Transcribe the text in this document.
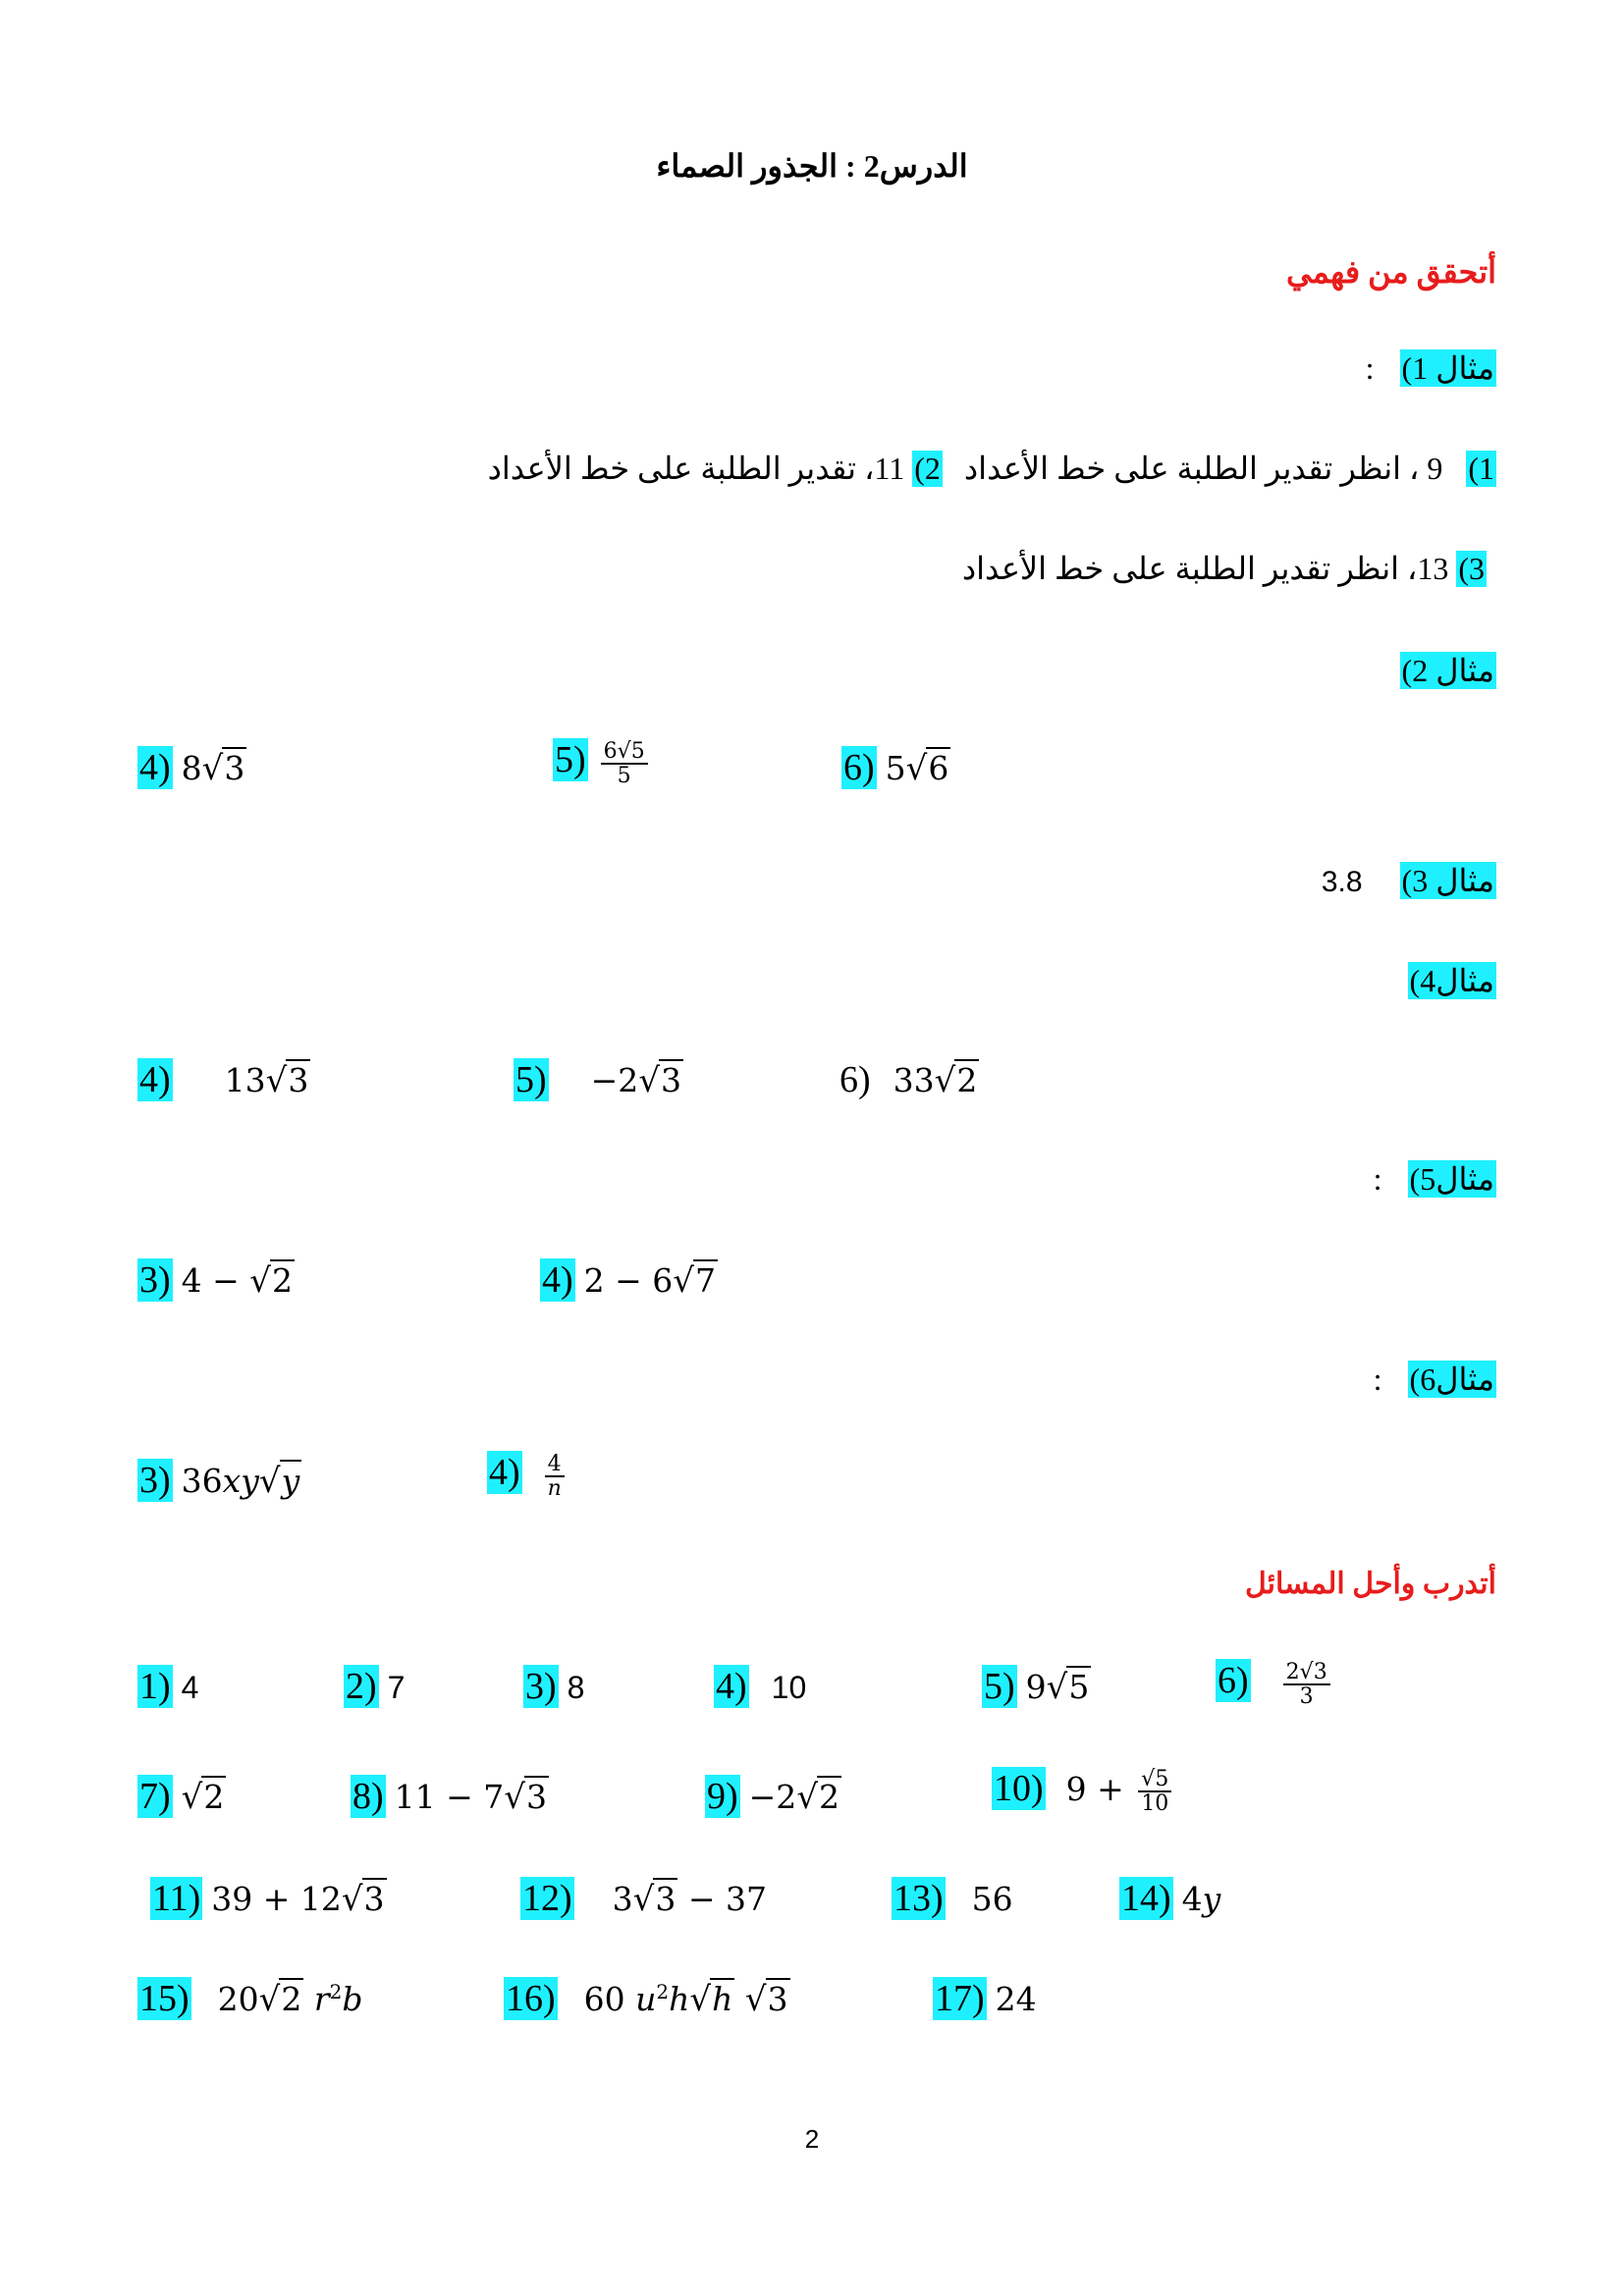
الدرس2 : الجذور الصماء
أتحقق من فهمي
مثال 1) :
1) 9 ، انظر تقدير الطلبة على خط الأعداد 2) 11، تقدير الطلبة على خط الأعداد
3) 13، انظر تقدير الطلبة على خط الأعداد
مثال 2)
4) 8√3	$5) \frac{6√5}{5}$	6) 5√6
مثال 3) 3.8
مثال4)
4) 13√3	5) −2√3	6) 33√2
مثال5) :
3) 4 − √2	4) 2 − 6√7
مثال6) :
3) 36xy√y	$4) \frac{4}{n}$
أتدرب وأحل المسائل
1) 4	2) 7	3) 8	4) 10	5) 9√5	$6) \frac{2√3}{3}$
7) √2	8) 11 − 7√3	9) −2√2	10) $9 + \frac{√5}{10}$
11) 39 + 12√3	12) 3√3 − 37	13) 56	14) 4y
15) 20√2 $r^2b$	16) 60 $u^2h√h$ √3	17) 24
2
